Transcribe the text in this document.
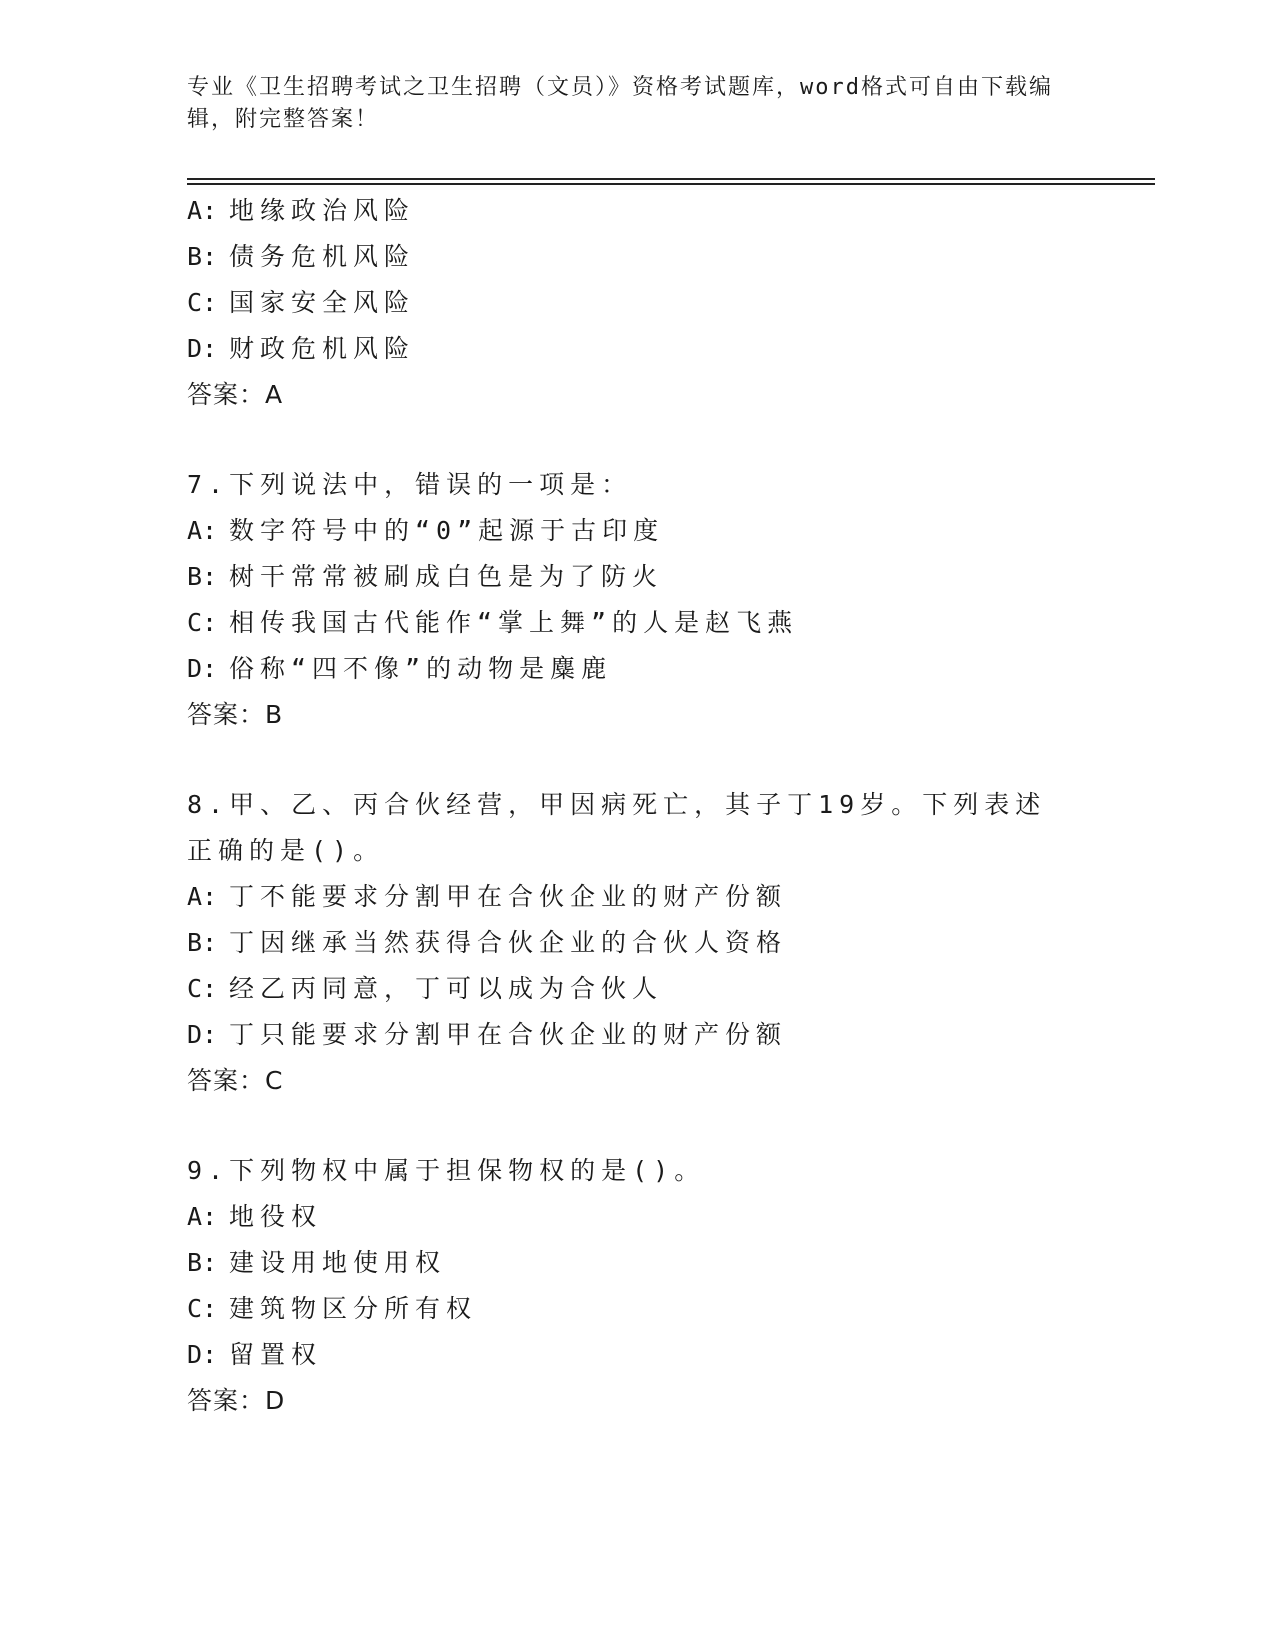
专业《卫生招聘考试之卫生招聘（文员）》资格考试题库，word格式可自由下载编辑，附完整答案！
A: 地缘政治风险
B: 债务危机风险
C: 国家安全风险
D: 财政危机风险
答案：A
7.下列说法中，错误的一项是：
A: 数字符号中的“0”起源于古印度
B: 树干常常被刷成白色是为了防火
C: 相传我国古代能作“掌上舞”的人是赵飞燕
D: 俗称“四不像”的动物是麋鹿
答案：B
8.甲、乙、丙合伙经营，甲因病死亡，其子丁19岁。下列表述正确的是()。
A: 丁不能要求分割甲在合伙企业的财产份额
B: 丁因继承当然获得合伙企业的合伙人资格
C: 经乙丙同意，丁可以成为合伙人
D: 丁只能要求分割甲在合伙企业的财产份额
答案：C
9.下列物权中属于担保物权的是()。
A: 地役权
B: 建设用地使用权
C: 建筑物区分所有权
D: 留置权
答案：D
